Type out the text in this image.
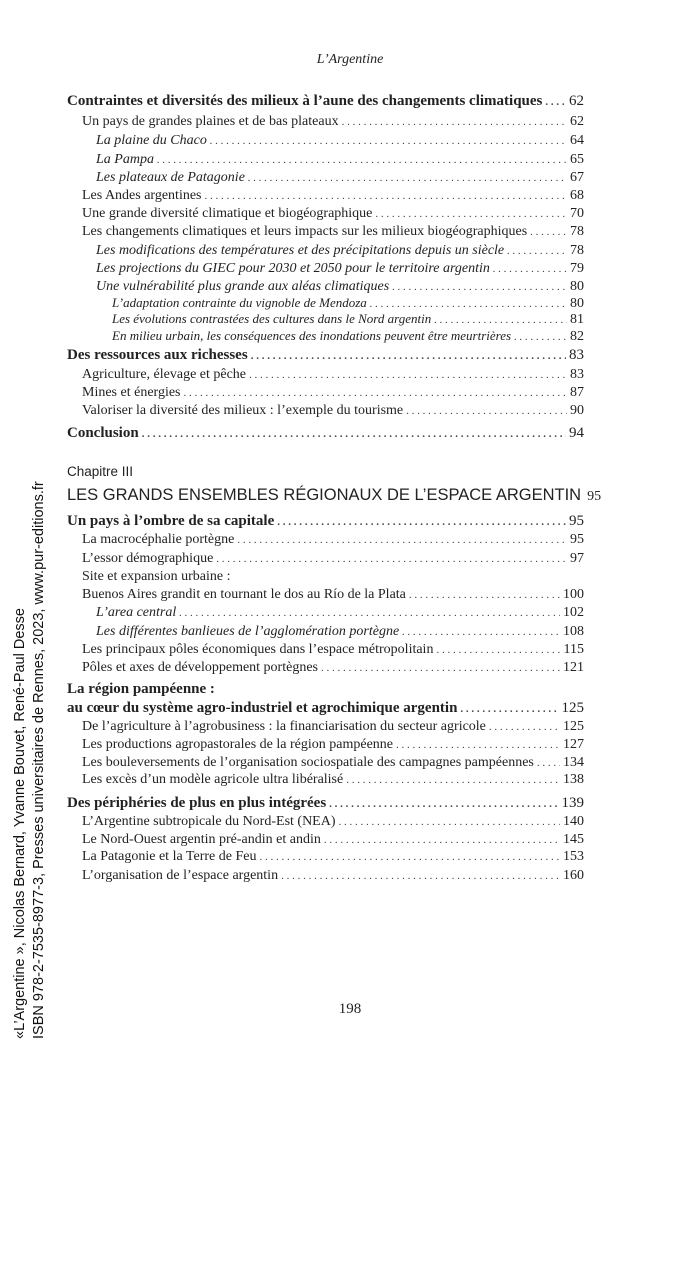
L’Argentine
Contraintes et diversités des milieux à l’aune des changements climatiques . . . 62
Un pays de grandes plaines et de bas plateaux . . .	62
La plaine du Chaco . . .	64
La Pampa . . .	65
Les plateaux de Patagonie . . .	67
Les Andes argentines . . .	68
Une grande diversité climatique et biogéographique . . .	70
Les changements climatiques et leurs impacts sur les milieux biogéographiques . . .	78
Les modifications des températures et des précipitations depuis un siècle . . .	78
Les projections du GIEC pour 2030 et 2050 pour le territoire argentin . . .	79
Une vulnérabilité plus grande aux aléas climatiques . . .	80
L’adaptation contrainte du vignoble de Mendoza . . .	80
Les évolutions contrastées des cultures dans le Nord argentin . . .	81
En milieu urbain, les conséquences des inondations peuvent être meurtrières . . .	82
Des ressources aux richesses . . .	83
Agriculture, élevage et pêche . . .	83
Mines et énergies . . .	87
Valoriser la diversité des milieux : l’exemple du tourisme . . .	90
Conclusion . . .	94
Chapitre III
LES GRANDS ENSEMBLES RÉGIONAUX DE L’ESPACE ARGENTIN 95
Un pays à l’ombre de sa capitale . . .	95
La macrocéphalie portègne . . .	95
L’essor démographique . . .	97
Site et expansion urbaine :
Buenos Aires grandit en tournant le dos au Río de la Plata . . .	100
L’area central . . .	102
Les différentes banlieues de l’agglomération portègne . . .	108
Les principaux pôles économiques dans l’espace métropolitain . . .	115
Pôles et axes de développement portègnes . . .	121
La région pampéenne :
au cœur du système agro-industriel et agrochimique argentin . . .	125
De l’agriculture à l’agrobusiness : la financiarisation du secteur agricole . . .	125
Les productions agropastorales de la région pampéenne . . .	127
Les bouleversements de l’organisation sociospatiale des campagnes pampéennes . . . 134
Les excès d’un modèle agricole ultra libéralisé . . .	138
Des périphéries de plus en plus intégrées . . .	139
L’Argentine subtropicale du Nord-Est (NEA) . . .	140
Le Nord-Ouest argentin pré-andin et andin . . .	145
La Patagonie et la Terre de Feu . . .	153
L’organisation de l’espace argentin . . .	160
«L’Argentine », Nicolas Bernard, Yvanne Bouvet, René-Paul Desse ISBN 978-2-7535-8977-3, Presses universitaires de Rennes, 2023, www.pur-editions.fr	198
